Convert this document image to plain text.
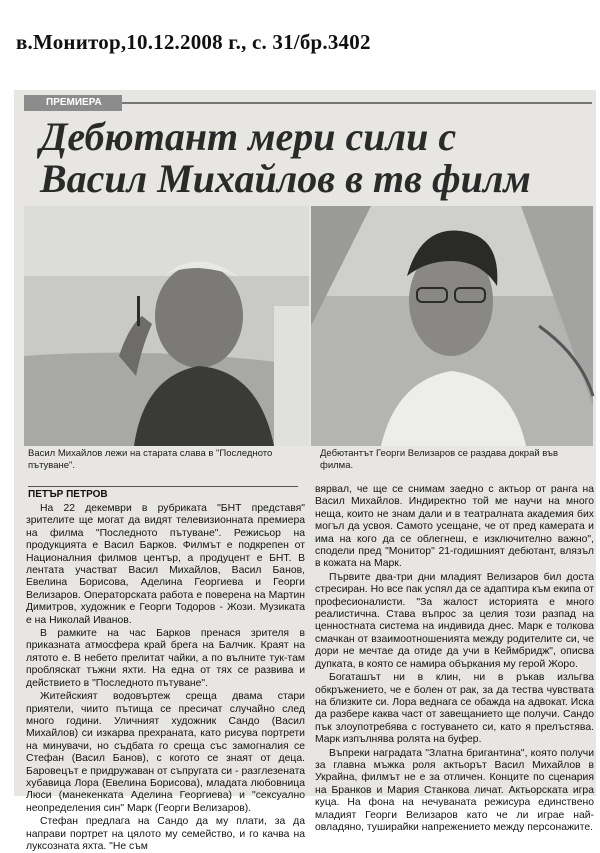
в.Монитор,10.12.2008 г., с. 31/бр.3402
ПРЕМИЕРА
Дебютант мери сили с
Васил Михайлов в тв филм
Васил Михайлов лежи на старата слава в "Последното пътуване".
Дебютантът Георги Велизаров се раздава докрай във филма.
ПЕТЪР ПЕТРОВ

На 22 декември в рубриката "БНТ представя" зрителите ще могат да видят телевизионната премиера на филма "Последното пътуване". Режисьор на продукцията е Васил Барков. Филмът е подкрепен от Националния филмов център, а продуцент е БНТ. В лентата участват Васил Михайлов, Васил Банов, Евелина Борисова, Аделина Георгиева и Георги Велизаров. Операторската работа е поверена на Мартин Димитров, художник е Георги Тодоров - Жози. Музиката е на Николай Иванов.

В рамките на час Барков пренася зрителя в приказната атмосфера край брега на Балчик. Краят на лятото е. В небето прелитат чайки, а по вълните тук-там пробляскат тъжни яхти. На една от тях се развива и действието в "Последното пътуване".

Житейският водовъртеж среща двама стари приятели, чиито пътища се пресичат случайно след много години. Уличният художник Сандо (Васил Михайлов) си изкарва прехраната, като рисува портрети на минувачи, но съдбата го среща със замогналия се Стефан (Васил Банов), с когото се знаят от деца. Баровецът е придружаван от съпругата си - разглезената хубавица Лора (Евелина Борисова), младата любовница Люси (манекенката Аделина Георгиева) и "сексуално неопределения син" Марк (Георги Велизаров).

Стефан предлага на Сандо да му плати, за да направи портрет на цялото му семейство, и го качва на луксозната яхта. "Не съм

вярвал, че ще се снимам заедно с актьор от ранга на Васил Михайлов. Индиректно той ме научи на много неща, които не знам дали и в театралната академия бих могъл да усвоя. Самото усещане, че от пред камерата и има на кого да се облегнеш, е изключително важно", сподели пред "Монитор" 21-годишният дебютант, влязъл в кожата на Марк.

Първите два-три дни младият Велизаров бил доста стресиран. Но все пак успял да се адаптира към екипа от професионалисти. "За жалост историята е много реалистична. Става въпрос за целия този разпад на ценностната система на индивида днес. Марк е толкова смачкан от взаимоотношенията между родителите си, че дори не мечтае да отиде да учи в Кеймбридж", описва дупката, в която се намира объркания му герой Жоро.

Богаташът ни в клин, ни в ръкав изльгва обкръжението, че е болен от рак, за да тества чувствата на близките си. Лора веднага се обажда на адвокат. Иска да разбере каква част от завещанието ще получи. Сандо пък злоупотребява с гостуването си, като я прелъстява. Марк изпълнява ролята на буфер.

Въпреки наградата "Златна бригантина", която получи за главна мъжка роля актьорът Васил Михайлов в Украйна, филмът не е за отличен. Конците по сценария на Бранков и Мария Станкова личат. Актьорската игра куца. На фона на нечуваната режисура единствено младият Георги Велизаров като че ли играе най-овладяно, туширайки напрежението между персонажите.
